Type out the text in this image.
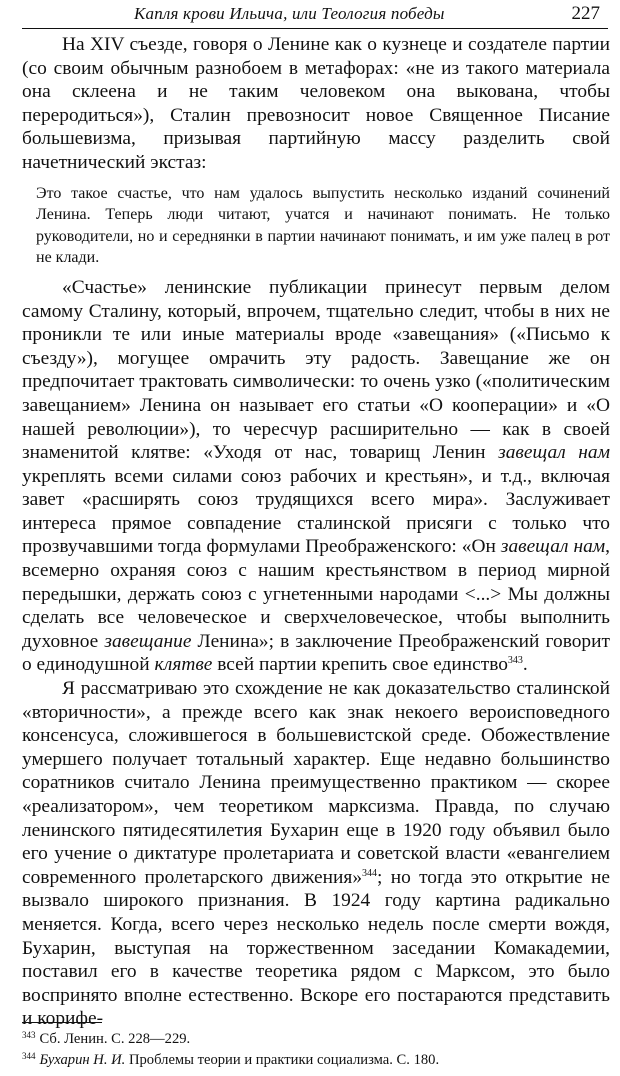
Капля крови Ильича, или Теология победы	227

На XIV съезде, говоря о Ленине как о кузнеце и создателе партии (со своим обычным разнобоем в метафорах: «не из такого материала она склеена и не таким человеком она выкована, чтобы переродиться»), Сталин превозносит новое Священное Писание большевизма, призывая партийную массу разделить свой начетнический экстаз:

Это такое счастье, что нам удалось выпустить несколько изданий сочинений Ленина. Теперь люди читают, учатся и начинают понимать. Не только руководители, но и середнянки в партии начинают понимать, и им уже палец в рот не клади.

«Счастье» ленинские публикации принесут первым делом самому Сталину, который, впрочем, тщательно следит, чтобы в них не проникли те или иные материалы вроде «завещания» («Письмо к съезду»), могущее омрачить эту радость. Завещание же он предпочитает трактовать символически: то очень узко («политическим завещанием» Ленина он называет его статьи «О кооперации» и «О нашей революции»), то чересчур расширительно — как в своей знаменитой клятве: «Уходя от нас, товарищ Ленин завещал нам укреплять всеми силами союз рабочих и крестьян», и т.д., включая завет «расширять союз трудящихся всего мира». Заслуживает интереса прямое совпадение сталинской присяги с только что прозвучавшими тогда формулами Преображенского: «Он завещал нам, всемерно охраняя союз с нашим крестьянством в период мирной передышки, держать союз с угнетенными народами <...> Мы должны сделать все человеческое и сверхчеловеческое, чтобы выполнить духовное завещание Ленина»; в заключение Преображенский говорит о единодушной клятве всей партии крепить свое единство$^{343}$.

Я рассматриваю это схождение не как доказательство сталинской «вторичности», а прежде всего как знак некоего вероисповедного консенсуса, сложившегося в большевистской среде. Обожествление умершего получает тотальный характер. Еще недавно большинство соратников считало Ленина преимущественно практиком — скорее «реализатором», чем теоретиком марксизма. Правда, по случаю ленинского пятидесятилетия Бухарин еще в 1920 году объявил было его учение о диктатуре пролетариата и советской власти «евангелием современного пролетарского движения»$^{344}$; но тогда это открытие не вызвало широкого признания. В 1924 году картина радикально меняется. Когда, всего через несколько недель после смерти вождя, Бухарин, выступая на торжественном заседании Комакадемии, поставил его в качестве теоретика рядом с Марксом, это было воспринято вполне естественно. Вскоре его постараются представить и корифе-

$^{343}$ Сб. Ленин. С. 228—229.

$^{344}$ Бухарин Н. И. Проблемы теории и практики социализма. С. 180.
